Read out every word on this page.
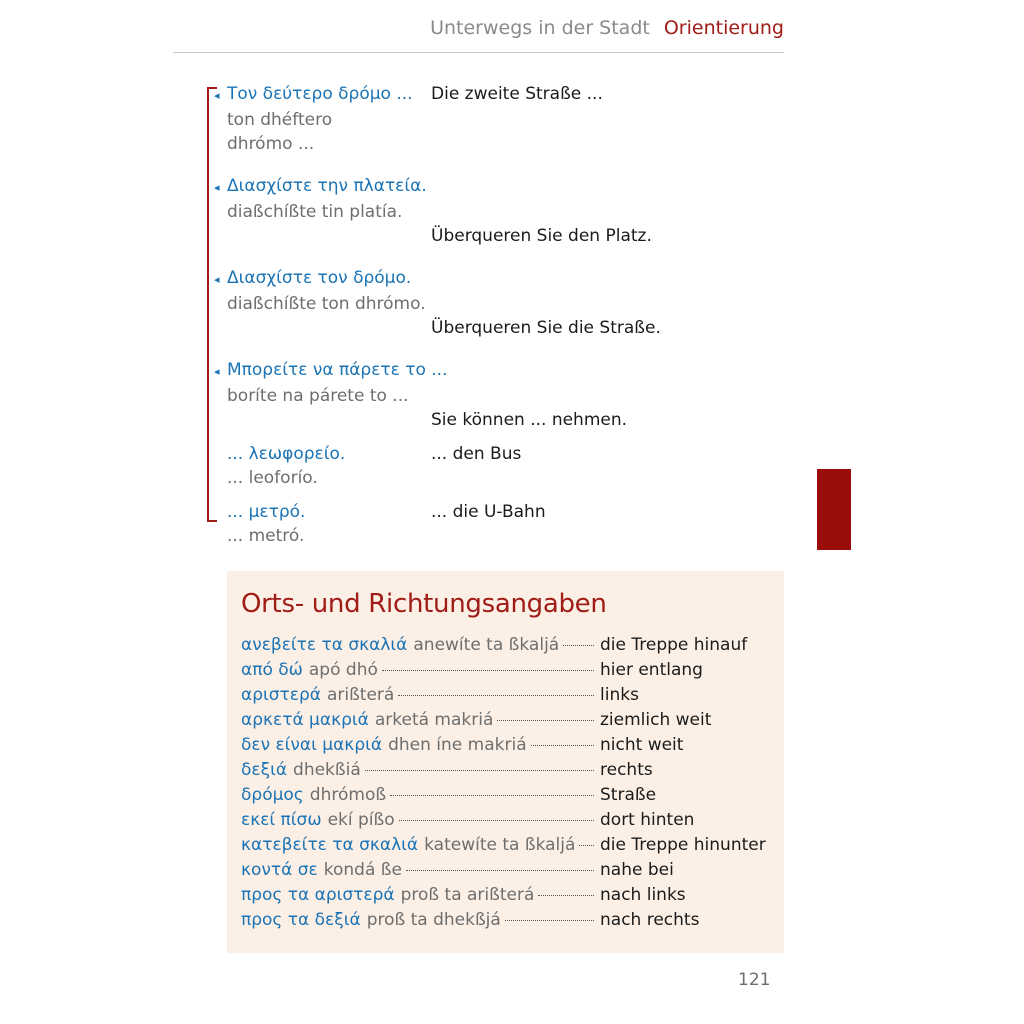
Unterwegs in der Stadt Orientierung
◂ Τον δεύτερο δρόμο ...
ton dhéftero
dhrómo ...
Die zweite Straße ...
◂ Διασχίστε την πλατεία.
diaßchíßte tin platía.
Überqueren Sie den Platz.
◂ Διασχίστε τον δρόμο.
diaßchíßte ton dhrómo.
Überqueren Sie die Straße.
◂ Μπορείτε να πάρετε το ...
boríte na párete to ...
Sie können ... nehmen.
... λεωφορείο.
... leoforío.
... den Bus
... μετρό.
... metró.
... die U-Bahn
Orts- und Richtungsangaben
ανεβείτε τα σκαλιά anewíte ta ßkaljá die Treppe hinauf
από δώ apó dhó	hier entlang
αριστερά arißterá	links
αρκετά μακριά arketá makriá	ziemlich weit
δεν είναι μακριά dhen íne makriá	nicht weit
δεξιά dhekßiá	rechts
δρόμος dhrómoß	Straße
εκεί πίσω ekí píßo	dort hinten
κατεβείτε τα σκαλιά katewíte ta ßkaljá die Treppe hinunter
κοντά σε kondá ße	nahe bei
προς τα αριστερά proß ta arißterá	nach links
προς τα δεξιά proß ta dhekßjá	nach rechts
121
